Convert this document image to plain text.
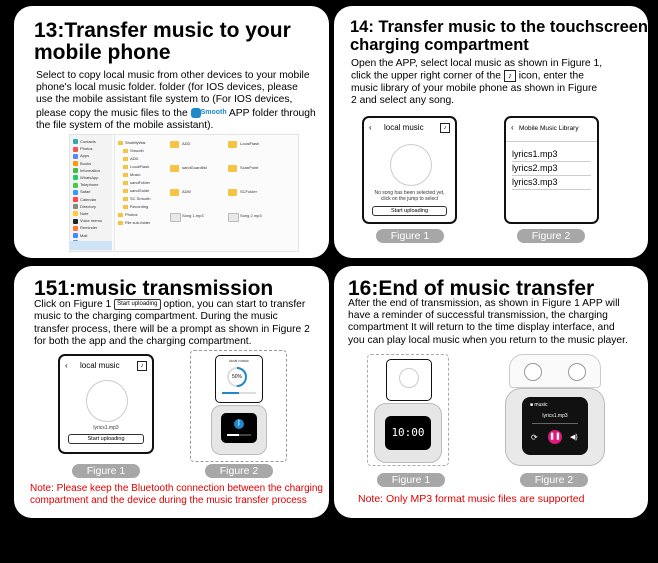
13:Transfer music to your
mobile phone
Select to copy local music from other devices to your mobile
phone's local music folder. folder (for IOS devices, please
use the mobile assistant file system to (For IOS devices,
please copy the music files to the Smooth APP folder through
the file system of the mobile assistant).
Contacts
Photos
Apps
Books
Information
WhatsApp
Telephone
Safari
Calendar
Directory
Note
Voice memo
Reminder
Mail
ShotMyWar
Smooth
ADD
LocalFlash
Music
sandFolder
sandGuide
SC Smooth
Recording
Photos
File sub-folder
ADD	LocalFlash
sandGuardlist	ScanPoint
ADM	SCFolder
Song 1.mp3	Song 2.mp3
14: Transfer music to the touchscreen
charging compartment
Open the APP, select local music as shown in Figure 1,
click the upper right corner of the ♪ icon, enter the
music library of your mobile phone as shown in Figure
2 and select any song.
‹ local music	♪
No song has been selected yet,
click on the jump to select
Start uploading
‹ Mobile Music Library
lyrics1.mp3
lyrics2.mp3
lyrics3.mp3
Figure 1	Figure 2
151:music transmission
Click on Figure 1 Start uploading option, you can start to transfer
music to the charging compartment. During the music
transfer process, there will be a prompt as shown in Figure 2
for both the app and the charging compartment.
‹ local music	♪
lyrics1.mp3
Start uploading
local music
50%
ᛒ
Figure 1	Figure 2
Note: Please keep the Bluetooth connection between the charging
compartment and the device during the music transfer process
16:End of music transfer
After the end of transmission, as shown in Figure 1 APP will
have a reminder of successful transmission, the charging
compartment It will return to the time display interface, and
you can play local music when you return to the music player.
10:00
■ music
lyrics1.mp3
⟳ ❚❚ ◀)
Figure 1	Figure 2
Note: Only MP3 format music files are supported
